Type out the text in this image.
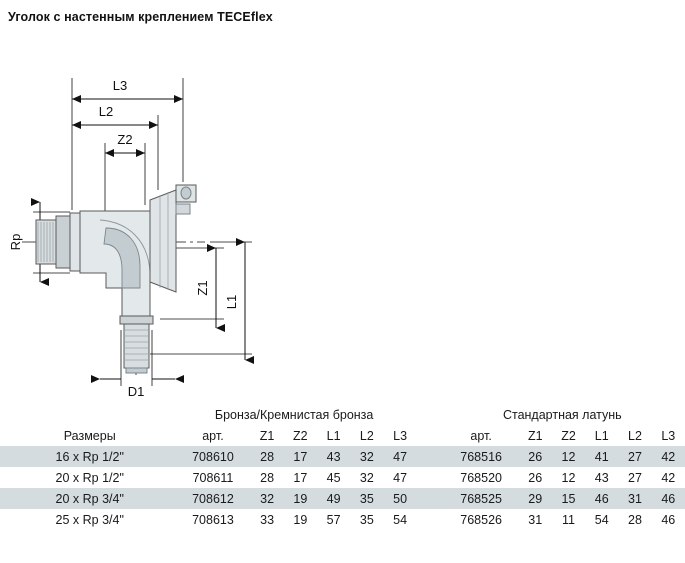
Уголок с настенным креплением TECEflex
L3
L2
Z2
Rp
Z1
L1
D1
	Бронза/Кремнистая бронза							Стандартная латунь					
Размеры	арт.	Z1	Z2	L1	L2	L3		арт.	Z1	Z2	L1	L2	L3
16 x Rp 1/2"	708610	28	17	43	32	47		768516	26	12	41	27	42
20 x Rp 1/2"	708611	28	17	45	32	47		768520	26	12	43	27	42
20 x Rp 3/4"	708612	32	19	49	35	50		768525	29	15	46	31	46
25 x Rp 3/4"	708613	33	19	57	35	54		768526	31	11	54	28	46
